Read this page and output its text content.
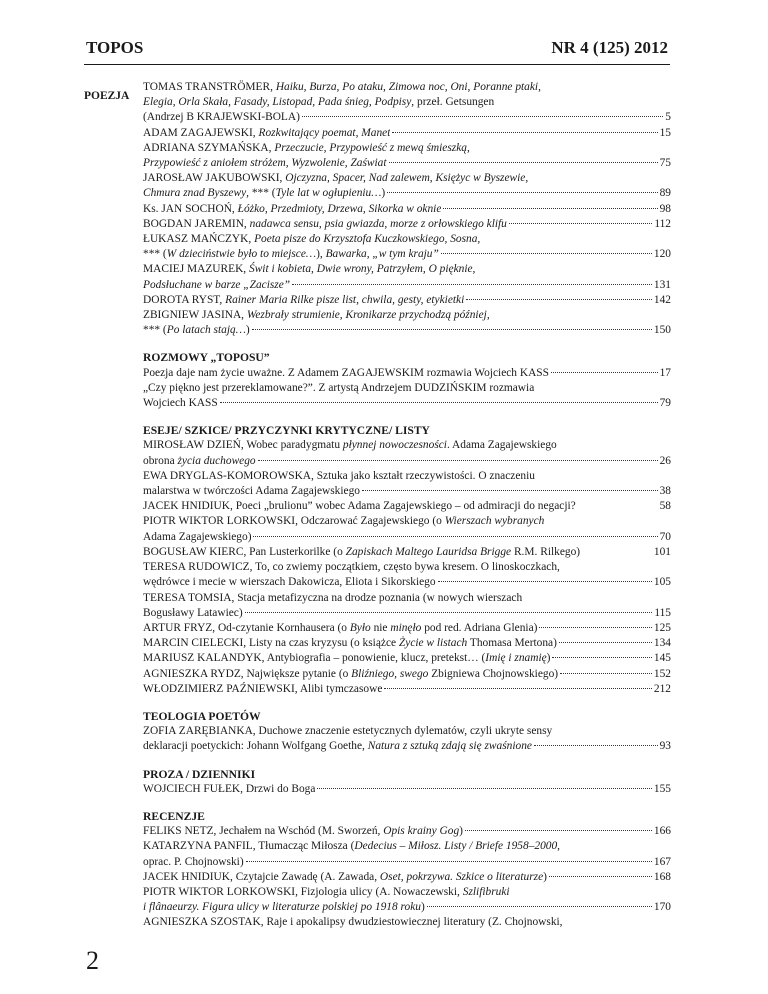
TOPOS	NR 4 (125) 2012
TOMAS TRANSTRÖMER, Haiku, Burza, Po ataku, Zimowa noc, Oni, Poranne ptaki,
Elegia, Orla Skała, Fasady, Listopad, Pada śnieg, Podpisy, przeł. Getsungen
(Andrzej B KRAJEWSKI-BOLA)	5
ADAM ZAGAJEWSKI, Rozkwitający poemat, Manet	15
ADRIANA SZYMAŃSKA, Przeczucie, Przypowieść z mewą śmieszką,
Przypowieść z aniołem stróżem, Wyzwolenie, Zaświat	75
JAROSŁAW JAKUBOWSKI, Ojczyzna, Spacer, Nad zalewem, Księżyc w Byszewie,
Chmura znad Byszewy, *** (Tyle lat w ogłupieniu…)	89
Ks. JAN SOCHOŃ, Łóżko, Przedmioty, Drzewa, Sikorka w oknie	98
BOGDAN JAREMIN, nadawca sensu, psia gwiazda, morze z orłowskiego klifu	112
ŁUKASZ MAŃCZYK, Poeta pisze do Krzysztofa Kuczkowskiego, Sosna,
*** (W dzieciństwie było to miejsce…), Bawarka, „w tym kraju”	120
MACIEJ MAZUREK, Świt i kobieta, Dwie wrony, Patrzyłem, O pięknie,
Podsłuchane w barze „Zacisze”	131
DOROTA RYST, Rainer Maria Rilke pisze list, chwila, gesty, etykietki	142
ZBIGNIEW JASINA, Wezbrały strumienie, Kronikarze przychodzą później,
*** (Po latach stają…)	150
ROZMOWY „TOPOSU”
Poezja daje nam życie uważne. Z Adamem ZAGAJEWSKIM rozmawia Wojciech KASS	17
„Czy piękno jest przereklamowane?”. Z artystą Andrzejem DUDZIŃSKIM rozmawia
Wojciech KASS	79
ESEJE/ SZKICE/ PRZYCZYNKI KRYTYCZNE/ LISTY
MIROSŁAW DZIEŃ, Wobec paradygmatu płynnej nowoczesności. Adama Zagajewskiego
obrona życia duchowego	26
EWA DRYGLAS-KOMOROWSKA, Sztuka jako kształt rzeczywistości. O znaczeniu
malarstwa w twórczości Adama Zagajewskiego	38
JACEK HNIDIUK, Poeci „brulionu” wobec Adama Zagajewskiego – od admiracji do negacji?	58
PIOTR WIKTOR LORKOWSKI, Odczarować Zagajewskiego (o Wierszach wybranych
Adama Zagajewskiego)	70
BOGUSŁAW KIERC, Pan Lusterkorilke (o Zapiskach Maltego Lauridsa Brigge R.M. Rilkego)	101
TERESA RUDOWICZ, To, co zwiemy początkiem, często bywa kresem. O linoskoczkach,
wędrówce i mecie w wierszach Dakowicza, Eliota i Sikorskiego	105
TERESA TOMSIA, Stacja metafizyczna na drodze poznania (w nowych wierszach
Bogusławy Latawiec)	115
ARTUR FRYZ, Od-czytanie Kornhausera (o Było nie minęło pod red. Adriana Glenia)	125
MARCIN CIELECKI, Listy na czas kryzysu (o książce Życie w listach Thomasa Mertona)	134
MARIUSZ KALANDYK, Antybiografia – ponowienie, klucz, pretekst… (Imię i znamię)	145
AGNIESZKA RYDZ, Największe pytanie (o Bliźniego, swego Zbigniewa Chojnowskiego)	152
WŁODZIMIERZ PAŹNIEWSKI, Alibi tymczasowe	212
TEOLOGIA POETÓW
ZOFIA ZARĘBIANKA, Duchowe znaczenie estetycznych dylematów, czyli ukryte sensy
deklaracji poetyckich: Johann Wolfgang Goethe, Natura z sztuką zdają się zwaśnione	93
PROZA / DZIENNIKI
WOJCIECH FUŁEK, Drzwi do Boga	155
RECENZJE
FELIKS NETZ, Jechałem na Wschód (M. Sworzeń, Opis krainy Gog)	166
KATARZYNA PANFIL, Tłumacząc Miłosza (Dedecius – Miłosz. Listy / Briefe 1958–2000,
oprac. P. Chojnowski)	167
JACEK HNIDIUK, Czytajcie Zawadę (A. Zawada, Oset, pokrzywa. Szkice o literaturze)	168
PIOTR WIKTOR LORKOWSKI, Fizjologia ulicy (A. Nowaczewski, Szlifibruki
i flânaeurzy. Figura ulicy w literaturze polskiej po 1918 roku)	170
AGNIESZKA SZOSTAK, Raje i apokalipsy dwudziestowiecznej literatury (Z. Chojnowski,
2
POEZJA
